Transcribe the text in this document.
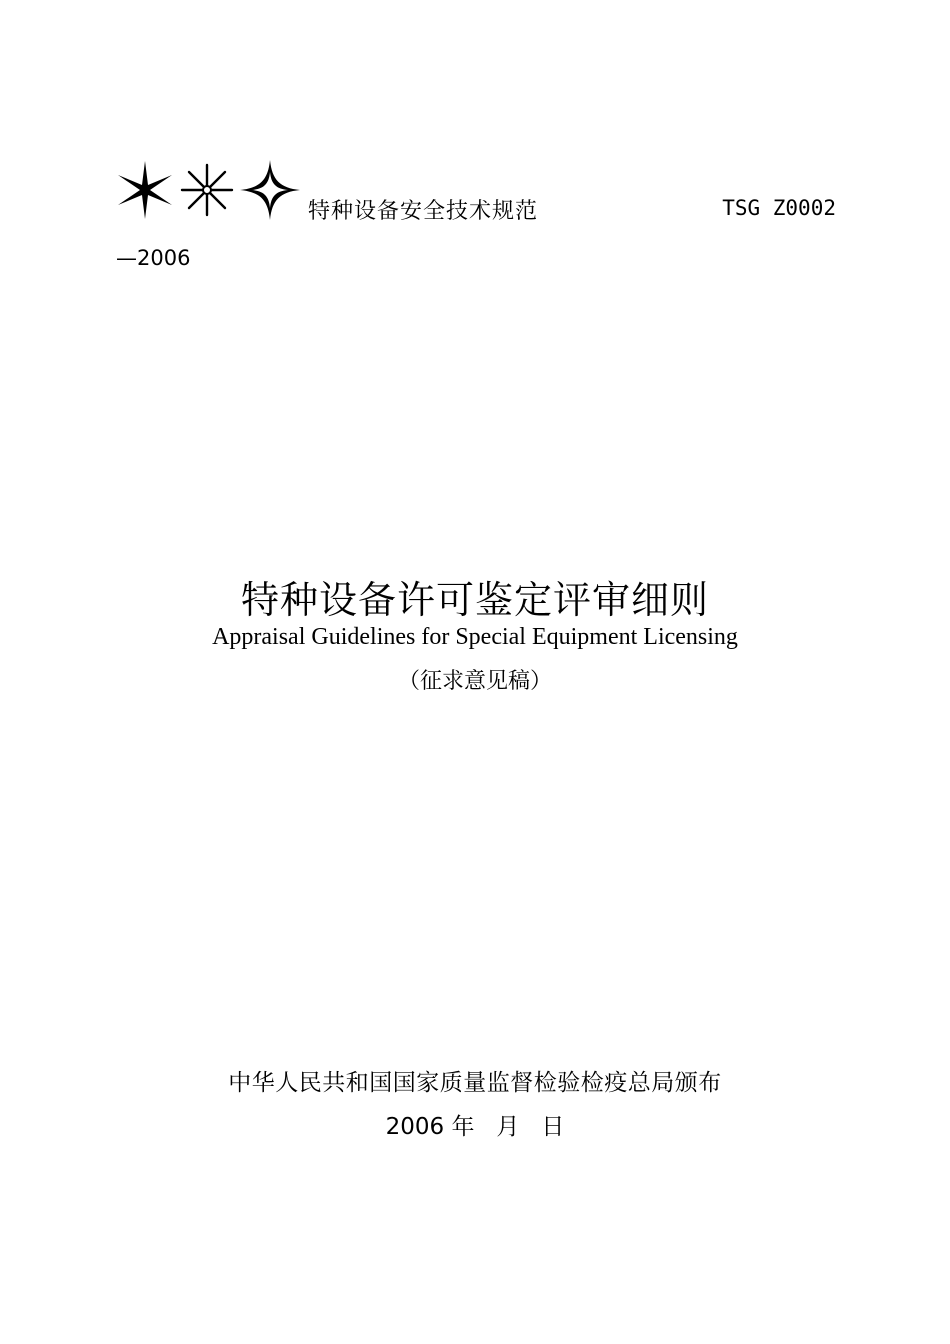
特种设备安全技术规范	TSG Z0002
—2006
特种设备许可鉴定评审细则
Appraisal Guidelines for Special Equipment Licensing
（征求意见稿）
中华人民共和国国家质量监督检验检疫总局颁布
2006 年   月   日
